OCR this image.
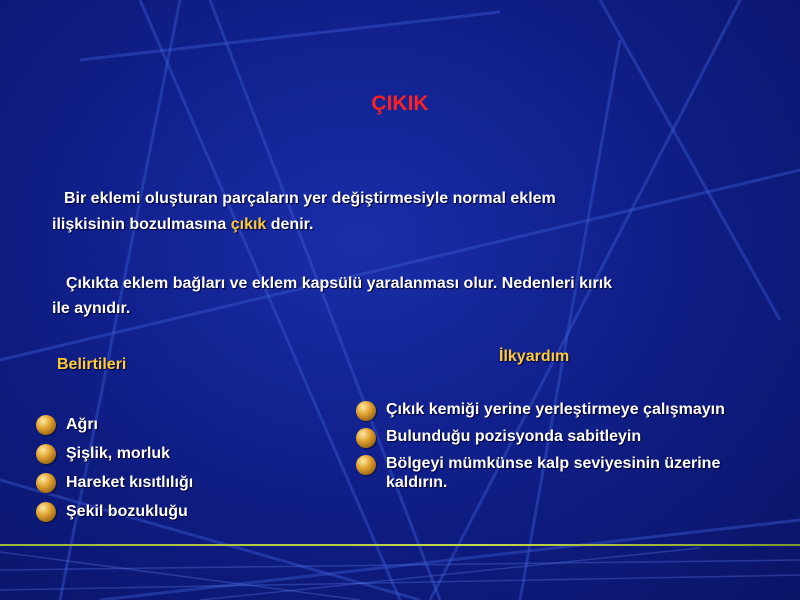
ÇIKIK
Bir eklemi oluşturan parçaların yer değiştirmesiyle normal eklem
ilişkisinin bozulmasına çıkık denir.
Çıkıkta eklem bağları ve eklem kapsülü yaralanması olur. Nedenleri kırık
ile aynıdır.
Belirtileri	İlkyardım
Ağrı
Şişlik, morluk
Hareket kısıtlılığı
Şekil bozukluğu
Çıkık kemiği yerine yerleştirmeye çalışmayın
Bulunduğu pozisyonda sabitleyin
Bölgeyi mümkünse kalp seviyesinin üzerine kaldırın.
